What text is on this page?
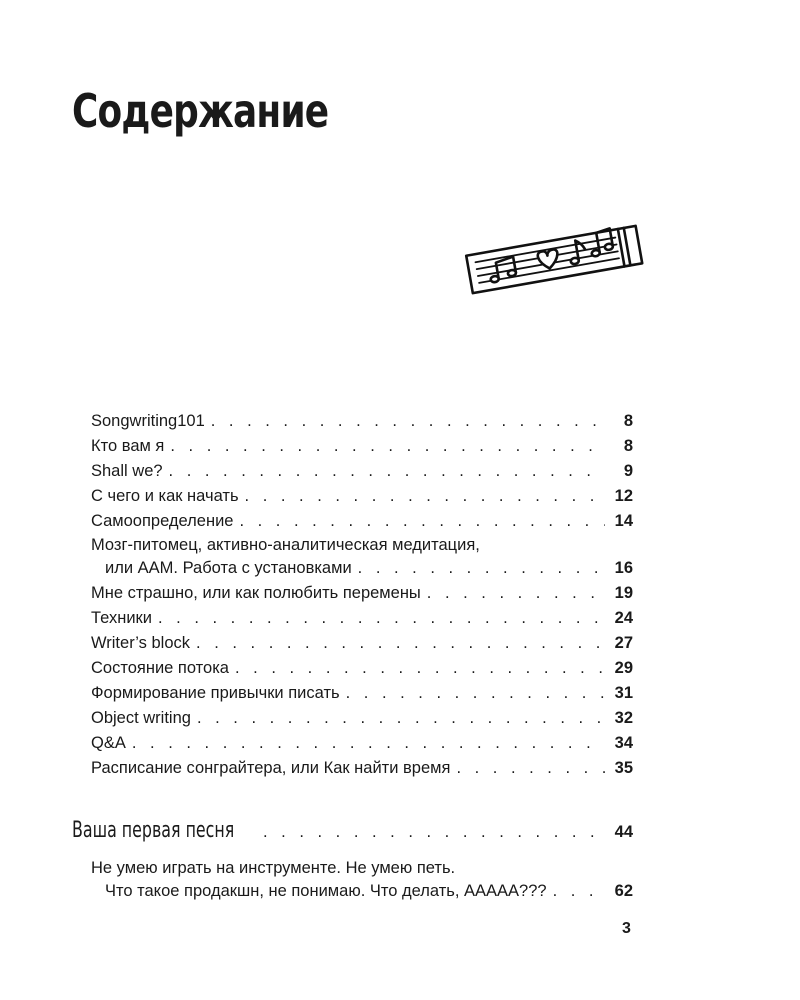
Содержание
Songwriting101 . . .	8
Кто вам я . . .	8
Shall we? . . .	9
С чего и как начать . . .	12
Самоопределение . . .	14
Мозг-питомец, активно-аналитическая медитация,
или ААМ. Работа с установками . . .	16
Мне страшно, или как полюбить перемены . . .	19
Техники . . .	24
Writer’s block . . .	27
Состояние потока . . .	29
Формирование привычки писать . . .	31
Object writing . . .	32
Q&A . . .	34
Расписание сонграйтера, или Как найти время . . .	35
Ваша первая песня . . .	44
Не умею играть на инструменте. Не умею петь.
Что такое продакшн, не понимаю. Что делать, ААААА??? . . .	62
3
